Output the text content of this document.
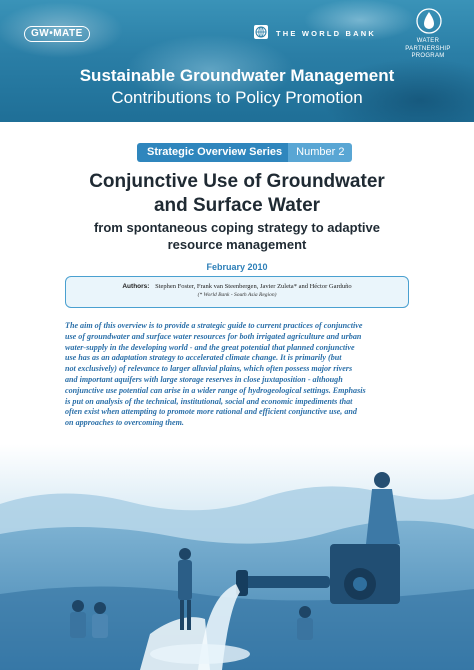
GW•MATE	THE WORLD BANK
WATER
PARTNERSHIP
PROGRAM
Sustainable Groundwater Management
Contributions to Policy Promotion
Strategic Overview Series	Number 2
Conjunctive Use of Groundwater
and Surface Water
from spontaneous coping strategy to adaptive
resource management
February 2010
Authors: Stephen Foster, Frank van Steenbergen, Javier Zuleta* and Héctor Garduño
(* World Bank - South Asia Region)
The aim of this overview is to provide a strategic guide to current practices of conjunctive
use of groundwater and surface water resources for both irrigated agriculture and urban
water-supply in the developing world - and the great potential that planned conjunctive
use has as an adaptation strategy to accelerated climate change. It is primarily (but
not exclusively) of relevance to larger alluvial plains, which often possess major rivers
and important aquifers with large storage reserves in close juxtaposition - although
conjunctive use potential can arise in a wider range of hydrogeological settings. Emphasis
is put on analysis of the technical, institutional, social and economic impediments that
often exist when attempting to promote more rational and efficient conjunctive use, and
on approaches to overcoming them.
